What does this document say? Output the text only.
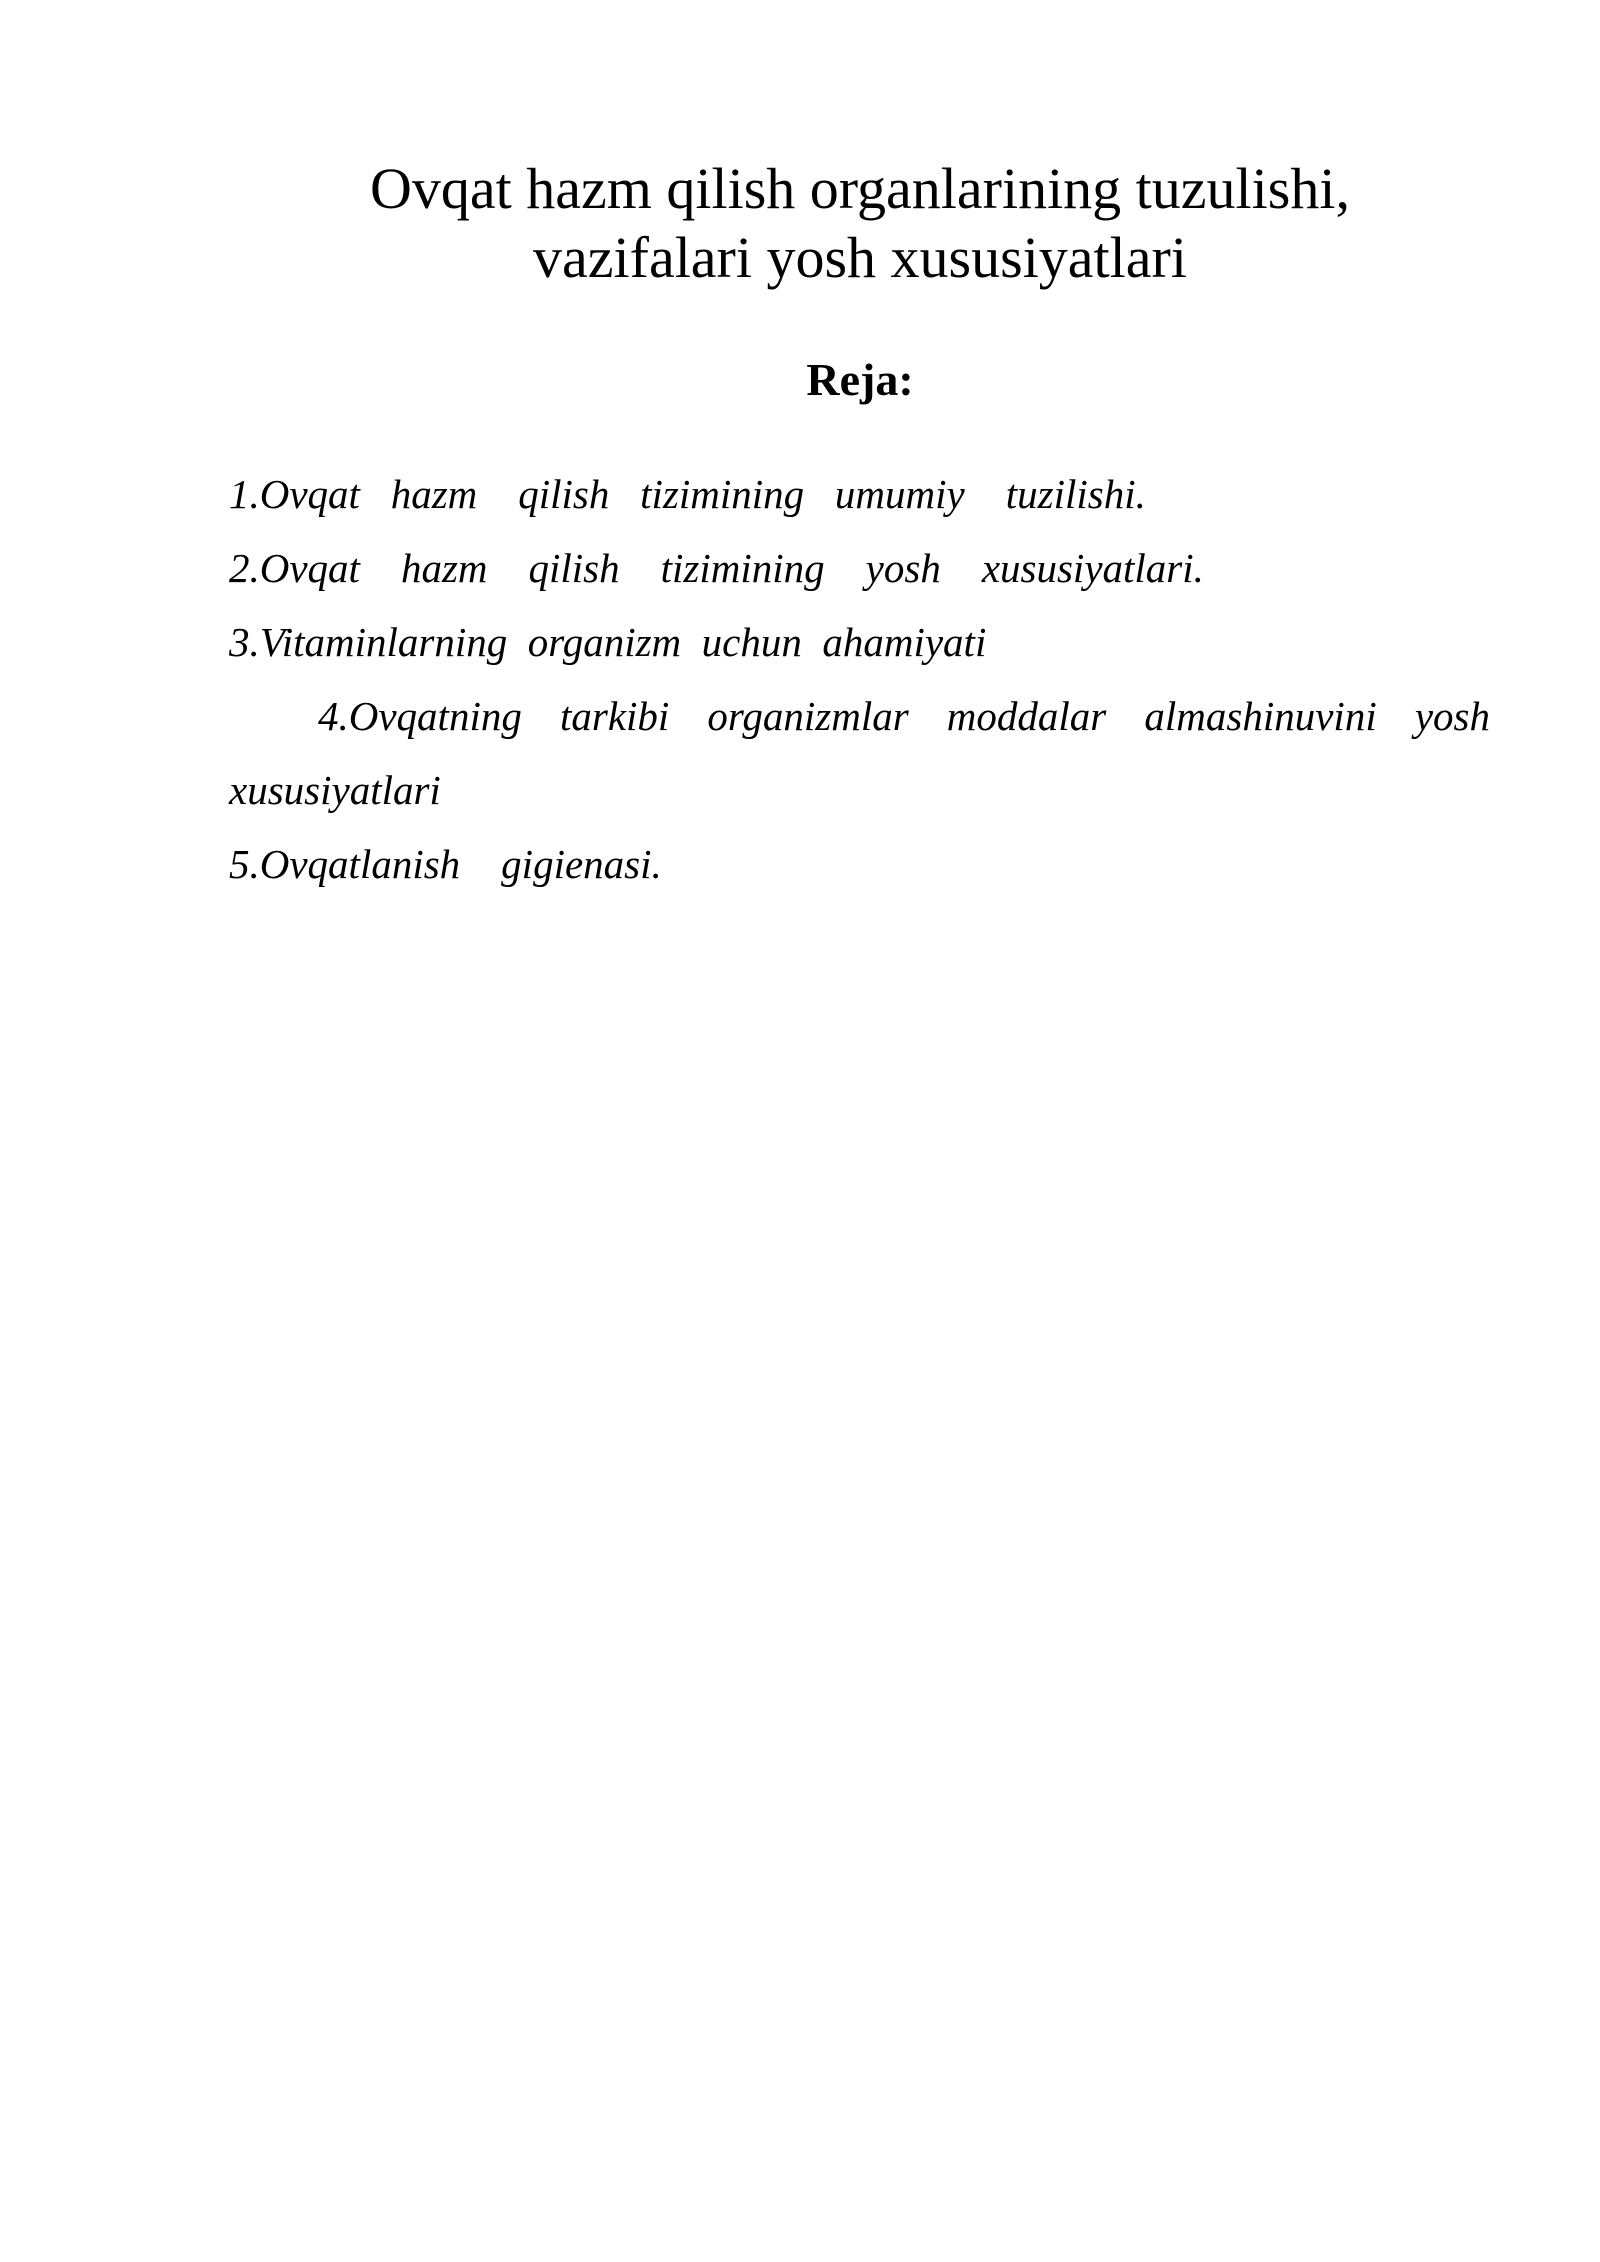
Ovqat hazm qilish organlarining tuzulishi,
vazifalari yosh xususiyatlari
Reja:
1.Ovqat   hazm    qilish   tizimining   umumiy    tuzilishi.
2.Ovqat    hazm    qilish    tizimining    yosh    xususiyatlari.
3.Vitaminlarning  organizm  uchun  ahamiyati
4.Ovqatning tarkibi organizmlar moddalar almashinuvini yosh
xususiyatlari
5.Ovqatlanish    gigienasi.
